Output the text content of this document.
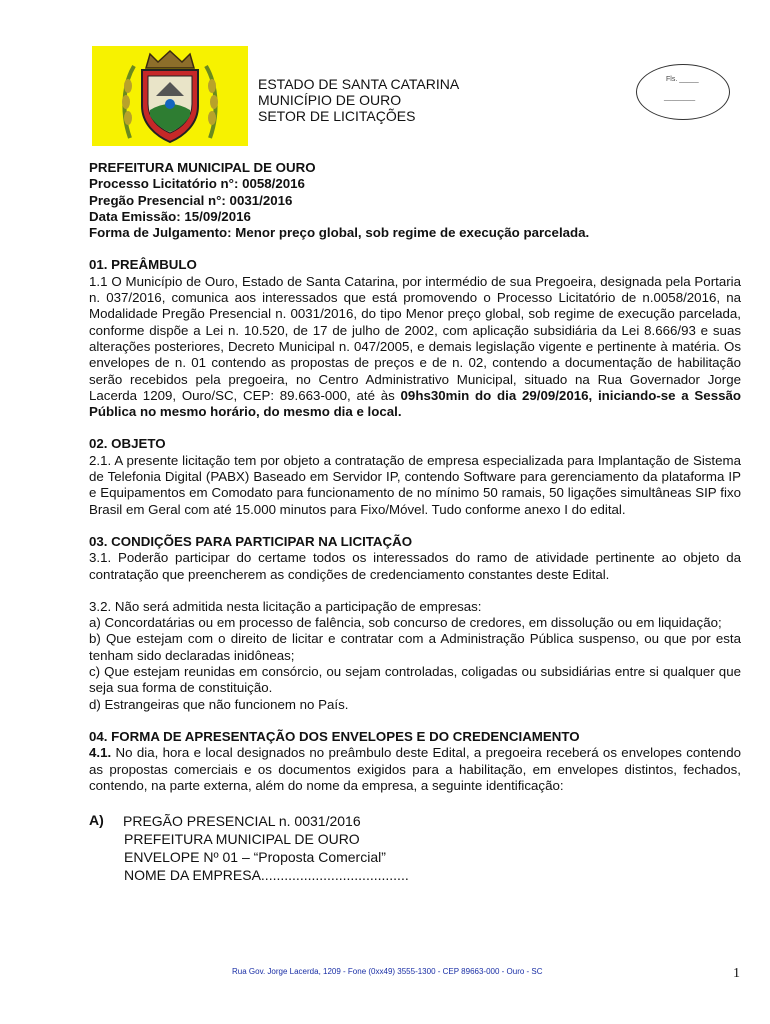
ESTADO DE SANTA CATARINA
MUNICÍPIO DE OURO
SETOR DE LICITAÇÕES
Fls. _____
________
PREFEITURA MUNICIPAL DE OURO
Processo Licitatório n°: 0058/2016
Pregão Presencial n°: 0031/2016
Data Emissão: 15/09/2016
Forma de Julgamento: Menor preço global, sob regime de execução parcelada.
01. PREÂMBULO

1.1 O Município de Ouro, Estado de Santa Catarina, por intermédio de sua Pregoeira, designada pela Portaria n. 037/2016, comunica aos interessados que está promovendo o Processo Licitatório de n.0058/2016, na Modalidade Pregão Presencial n. 0031/2016, do tipo Menor preço global, sob regime de execução parcelada, conforme dispõe a Lei n. 10.520, de 17 de julho de 2002, com aplicação subsidiária da Lei 8.666/93 e suas alterações posteriores, Decreto Municipal n. 047/2005, e demais legislação vigente e pertinente à matéria. Os envelopes de n. 01 contendo as propostas de preços e de n. 02, contendo a documentação de habilitação serão recebidos pela pregoeira, no Centro Administrativo Municipal, situado na Rua Governador Jorge Lacerda 1209, Ouro/SC, CEP: 89.663-000, até às 09hs30min do dia 29/09/2016, iniciando-se a Sessão Pública no mesmo horário, do mesmo dia e local.

02. OBJETO

2.1. A presente licitação tem por objeto a contratação de empresa especializada para Implantação de Sistema de Telefonia Digital (PABX) Baseado em Servidor IP, contendo Software para gerenciamento da plataforma IP e Equipamentos em Comodato para funcionamento de no mínimo 50 ramais, 50 ligações simultâneas SIP fixo Brasil em Geral com até 15.000 minutos para Fixo/Móvel. Tudo conforme anexo I do edital.

03. CONDIÇÕES PARA PARTICIPAR NA LICITAÇÃO

3.1. Poderão participar do certame todos os interessados do ramo de atividade pertinente ao objeto da contratação que preencherem as condições de credenciamento constantes deste Edital.

3.2. Não será admitida nesta licitação a participação de empresas:

a) Concordatárias ou em processo de falência, sob concurso de credores, em dissolução ou em liquidação;

b) Que estejam com o direito de licitar e contratar com a Administração Pública suspenso, ou que por esta tenham sido declaradas inidôneas;

c) Que estejam reunidas em consórcio, ou sejam controladas, coligadas ou subsidiárias entre si qualquer que seja sua forma de constituição.

d) Estrangeiras que não funcionem no País.

04. FORMA DE APRESENTAÇÃO DOS ENVELOPES E DO CREDENCIAMENTO

4.1. No dia, hora e local designados no preâmbulo deste Edital, a pregoeira receberá os envelopes contendo as propostas comerciais e os documentos exigidos para a habilitação, em envelopes distintos, fechados, contendo, na parte externa, além do nome da empresa, a seguinte identificação:

A)	PREGÃO PRESENCIAL n. 0031/2016
PREFEITURA MUNICIPAL DE OURO
ENVELOPE Nº 01 – “Proposta Comercial”
NOME DA EMPRESA......................................
Rua Gov. Jorge Lacerda, 1209 - Fone (0xx49) 3555-1300 - CEP 89663-000 - Ouro - SC	1
